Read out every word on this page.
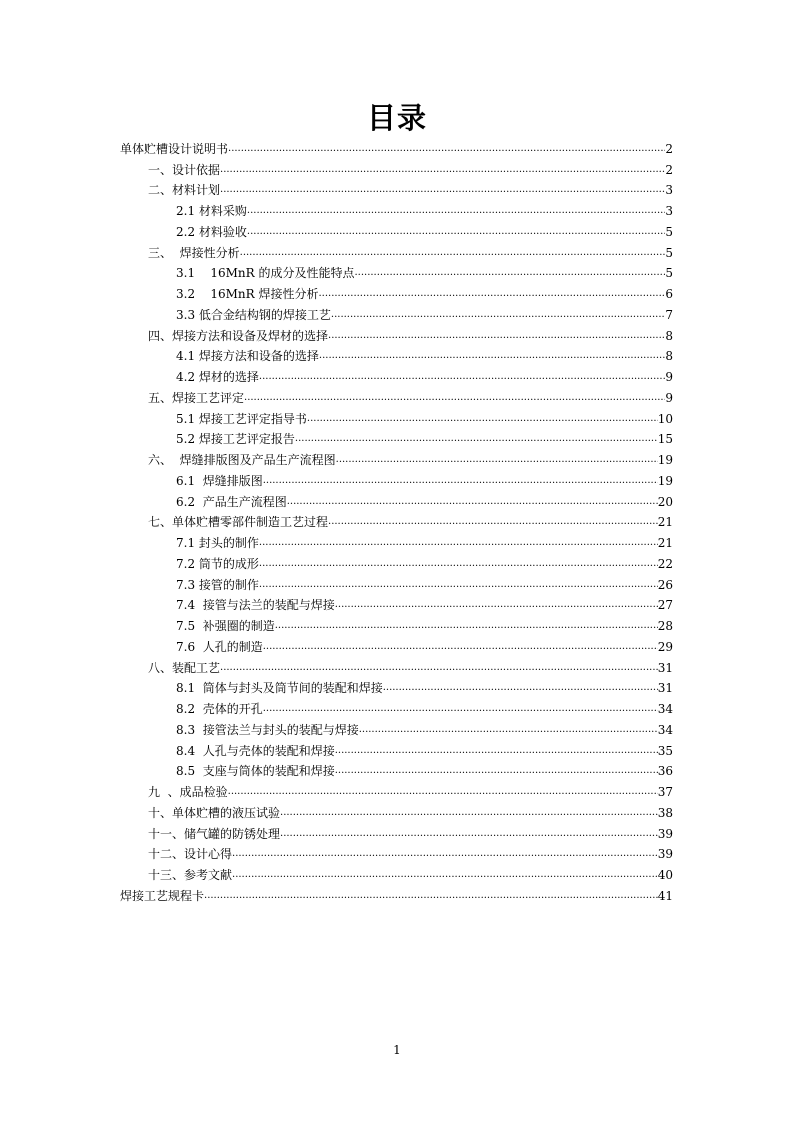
目录
单体贮槽设计说明书 .....	2
一、设计依据 .....	2
二、材料计划 .....	3
2.1 材料采购 .....	3
2.2 材料验收 .....	5
三、  焊接性分析 .....	5
3.1    16MnR 的成分及性能特点 .....	5
3.2    16MnR 焊接性分析 .....	6
3.3 低合金结构钢的焊接工艺 .....	7
四、焊接方法和设备及焊材的选择 .....	8
4.1 焊接方法和设备的选择 .....	8
4.2 焊材的选择 .....	9
五、焊接工艺评定 .....	9
5.1 焊接工艺评定指导书 .....	10
5.2 焊接工艺评定报告 .....	15
六、  焊缝排版图及产品生产流程图 .....	19
6.1  焊缝排版图 .....	19
6.2  产品生产流程图 .....	20
七、单体贮槽零部件制造工艺过程 .....	21
7.1 封头的制作 .....	21
7.2 筒节的成形 .....	22
7.3 接管的制作 .....	26
7.4  接管与法兰的装配与焊接 .....	27
7.5  补强圈的制造 .....	28
7.6  人孔的制造 .....	29
八、装配工艺 .....	31
8.1  筒体与封头及筒节间的装配和焊接 .....	31
8.2  壳体的开孔 .....	34
8.3  接管法兰与封头的装配与焊接 .....	34
8.4  人孔与壳体的装配和焊接 .....	35
8.5  支座与筒体的装配和焊接 .....	36
九  、成品检验 .....	37
十、单体贮槽的液压试验 .....	38
十一、储气罐的防锈处理 .....	39
十二、设计心得 .....	39
十三、参考文献 .....	40
焊接工艺规程卡 .....	41
1
